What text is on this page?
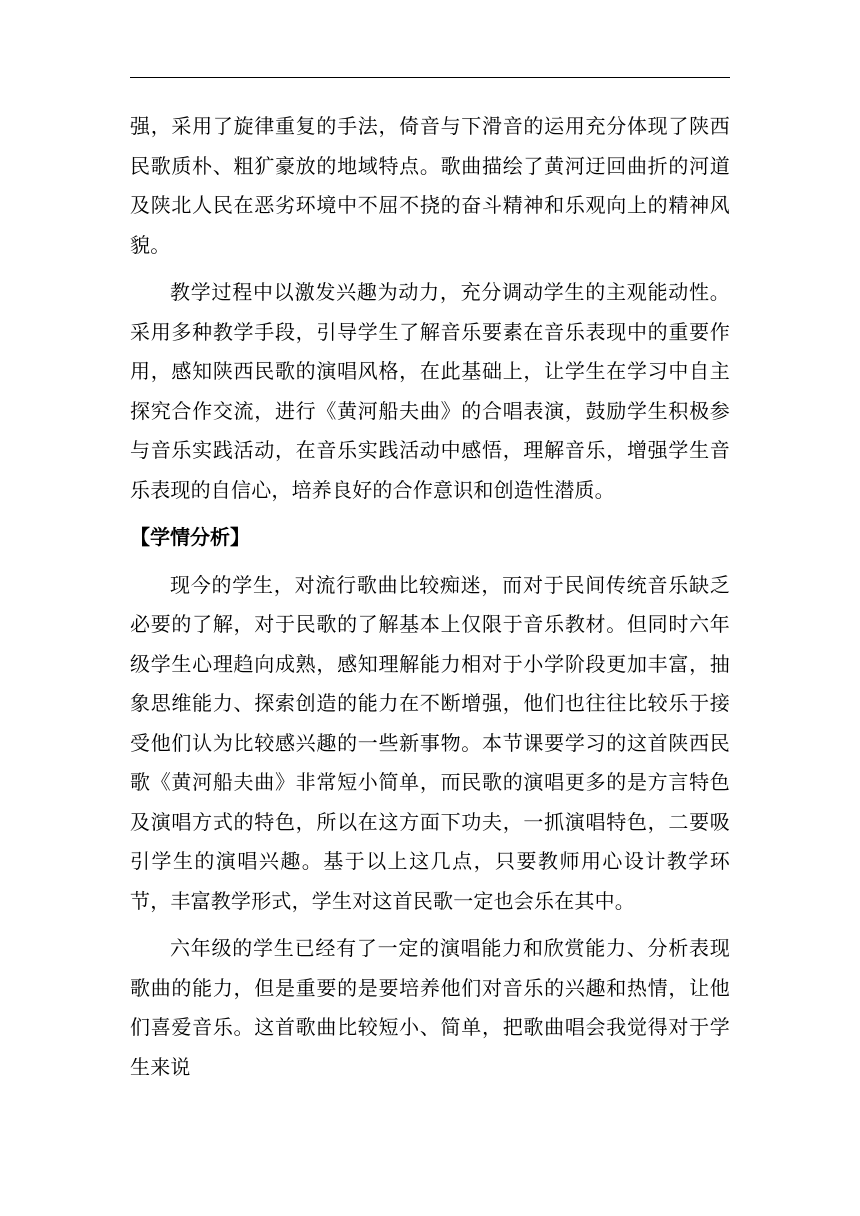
强，采用了旋律重复的手法，倚音与下滑音的运用充分体现了陕西民歌质朴、粗犷豪放的地域特点。歌曲描绘了黄河迂回曲折的河道及陕北人民在恶劣环境中不屈不挠的奋斗精神和乐观向上的精神风貌。

教学过程中以激发兴趣为动力，充分调动学生的主观能动性。采用多种教学手段，引导学生了解音乐要素在音乐表现中的重要作用，感知陕西民歌的演唱风格，在此基础上，让学生在学习中自主探究合作交流，进行《黄河船夫曲》的合唱表演，鼓励学生积极参与音乐实践活动，在音乐实践活动中感悟，理解音乐，增强学生音乐表现的自信心，培养良好的合作意识和创造性潜质。

【学情分析】

现今的学生，对流行歌曲比较痴迷，而对于民间传统音乐缺乏必要的了解，对于民歌的了解基本上仅限于音乐教材。但同时六年级学生心理趋向成熟，感知理解能力相对于小学阶段更加丰富，抽象思维能力、探索创造的能力在不断增强，他们也往往比较乐于接受他们认为比较感兴趣的一些新事物。本节课要学习的这首陕西民歌《黄河船夫曲》非常短小简单，而民歌的演唱更多的是方言特色及演唱方式的特色，所以在这方面下功夫，一抓演唱特色，二要吸引学生的演唱兴趣。基于以上这几点，只要教师用心设计教学环节，丰富教学形式，学生对这首民歌一定也会乐在其中。

六年级的学生已经有了一定的演唱能力和欣赏能力、分析表现歌曲的能力，但是重要的是要培养他们对音乐的兴趣和热情，让他们喜爱音乐。这首歌曲比较短小、简单，把歌曲唱会我觉得对于学生来说
